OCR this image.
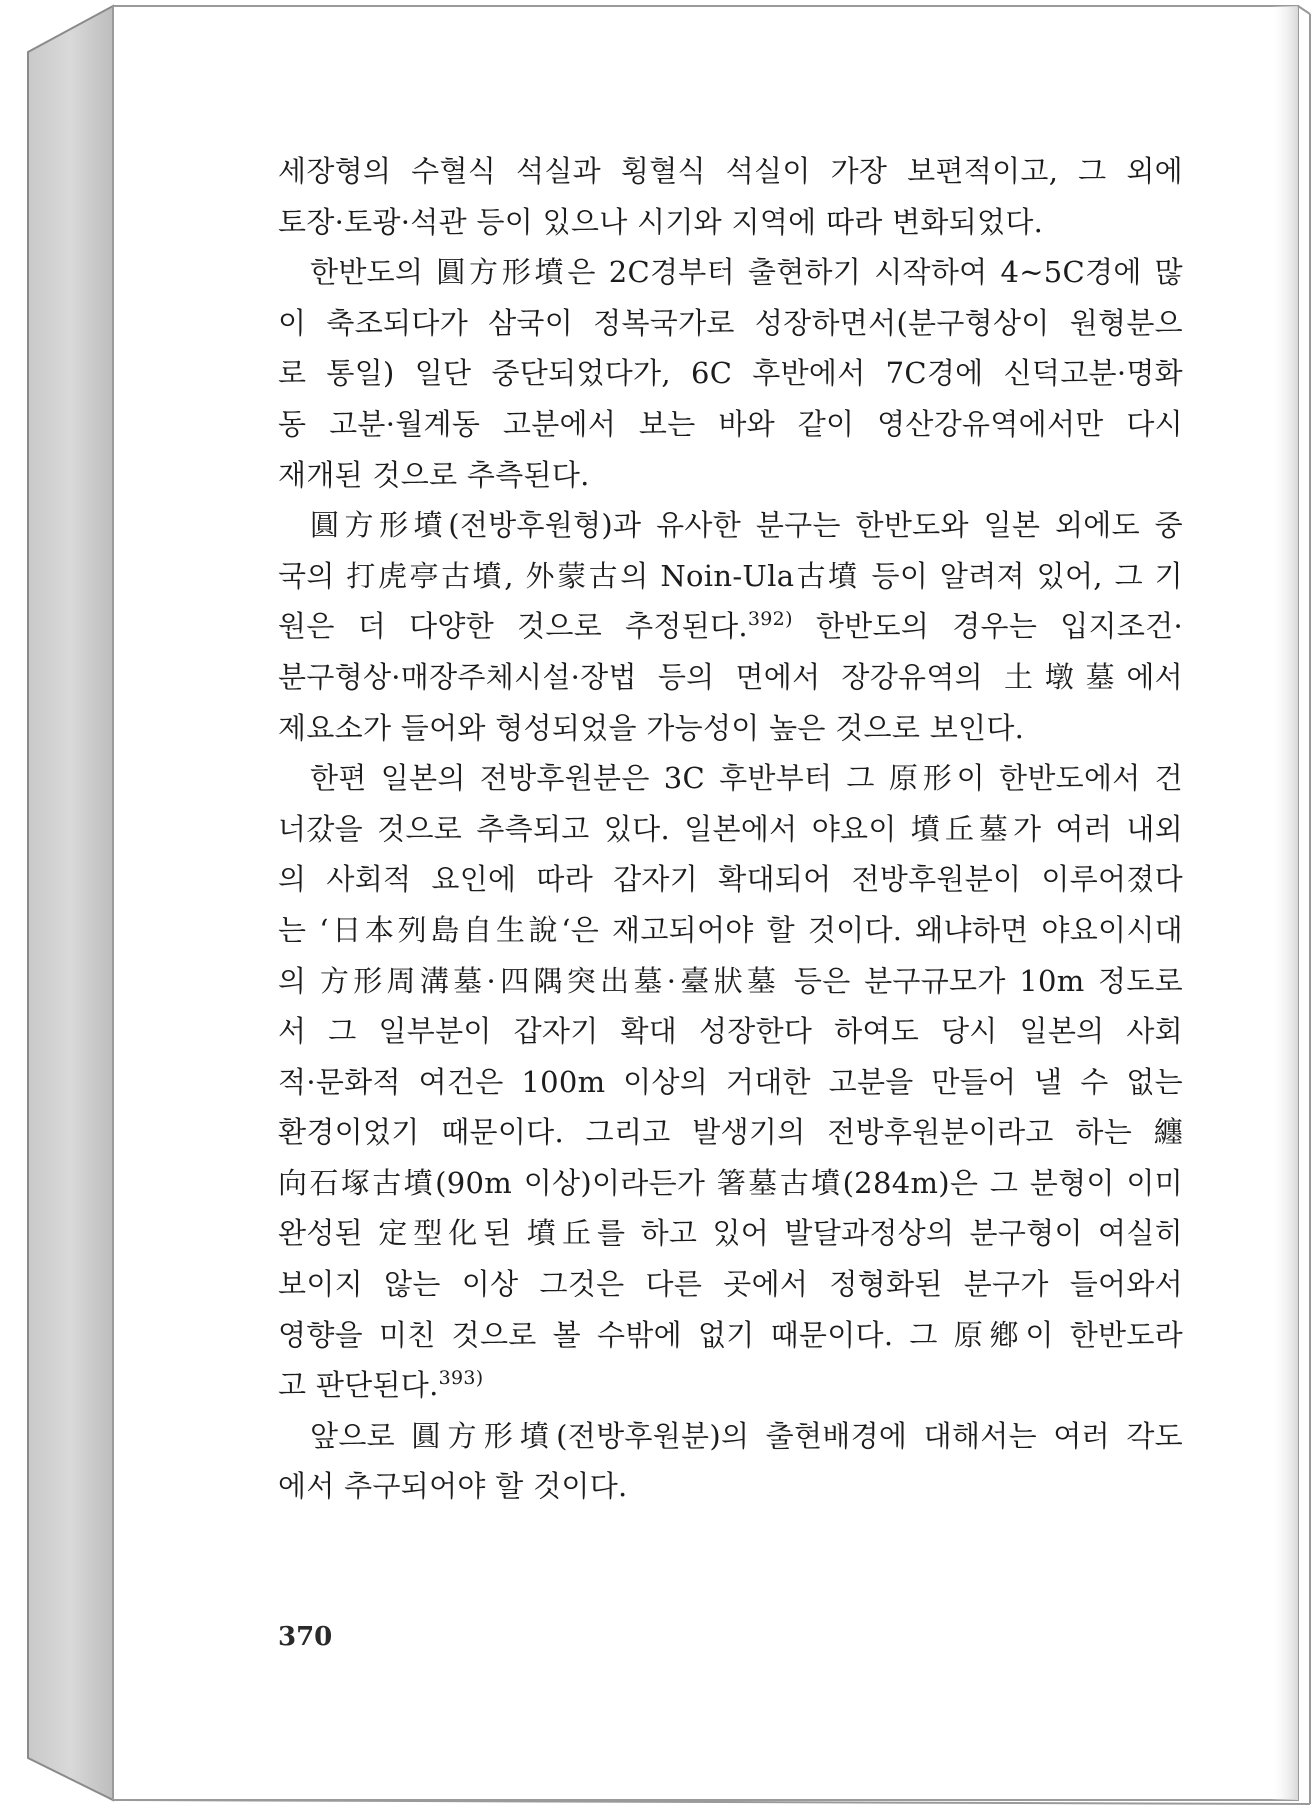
세장형의 수혈식 석실과 횡혈식 석실이 가장 보편적이고, 그 외에
토장·토광·석관 등이 있으나 시기와 지역에 따라 변화되었다.
한반도의 圓方形墳은 2C경부터 출현하기 시작하여 4~5C경에 많
이 축조되다가 삼국이 정복국가로 성장하면서(분구형상이 원형분으
로 통일) 일단 중단되었다가, 6C 후반에서 7C경에 신덕고분·명화
동 고분·월계동 고분에서 보는 바와 같이 영산강유역에서만 다시
재개된 것으로 추측된다.
圓方形墳(전방후원형)과 유사한 분구는 한반도와 일본 외에도 중
국의 打虎亭古墳, 外蒙古의 Noin-Ula古墳 등이 알려져 있어, 그 기
원은 더 다양한 것으로 추정된다.$^{392)}$ 한반도의 경우는 입지조건·
분구형상·매장주체시설·장법 등의 면에서 장강유역의 土墩墓에서
제요소가 들어와 형성되었을 가능성이 높은 것으로 보인다.
한편 일본의 전방후원분은 3C 후반부터 그 原形이 한반도에서 건
너갔을 것으로 추측되고 있다. 일본에서 야요이 墳丘墓가 여러 내외
의 사회적 요인에 따라 갑자기 확대되어 전방후원분이 이루어졌다
는 ‘日本列島自生說‘은 재고되어야 할 것이다. 왜냐하면 야요이시대
의 方形周溝墓·四隅突出墓·臺狀墓 등은 분구규모가 10m 정도로
서 그 일부분이 갑자기 확대 성장한다 하여도 당시 일본의 사회
적·문화적 여건은 100m 이상의 거대한 고분을 만들어 낼 수 없는
환경이었기 때문이다. 그리고 발생기의 전방후원분이라고 하는 纏
向石塚古墳(90m 이상)이라든가 箸墓古墳(284m)은 그 분형이 이미
완성된 定型化된 墳丘를 하고 있어 발달과정상의 분구형이 여실히
보이지 않는 이상 그것은 다른 곳에서 정형화된 분구가 들어와서
영향을 미친 것으로 볼 수밖에 없기 때문이다. 그 原鄕이 한반도라
고 판단된다.$^{393)}$
앞으로 圓方形墳(전방후원분)의 출현배경에 대해서는 여러 각도
에서 추구되어야 할 것이다.
370
